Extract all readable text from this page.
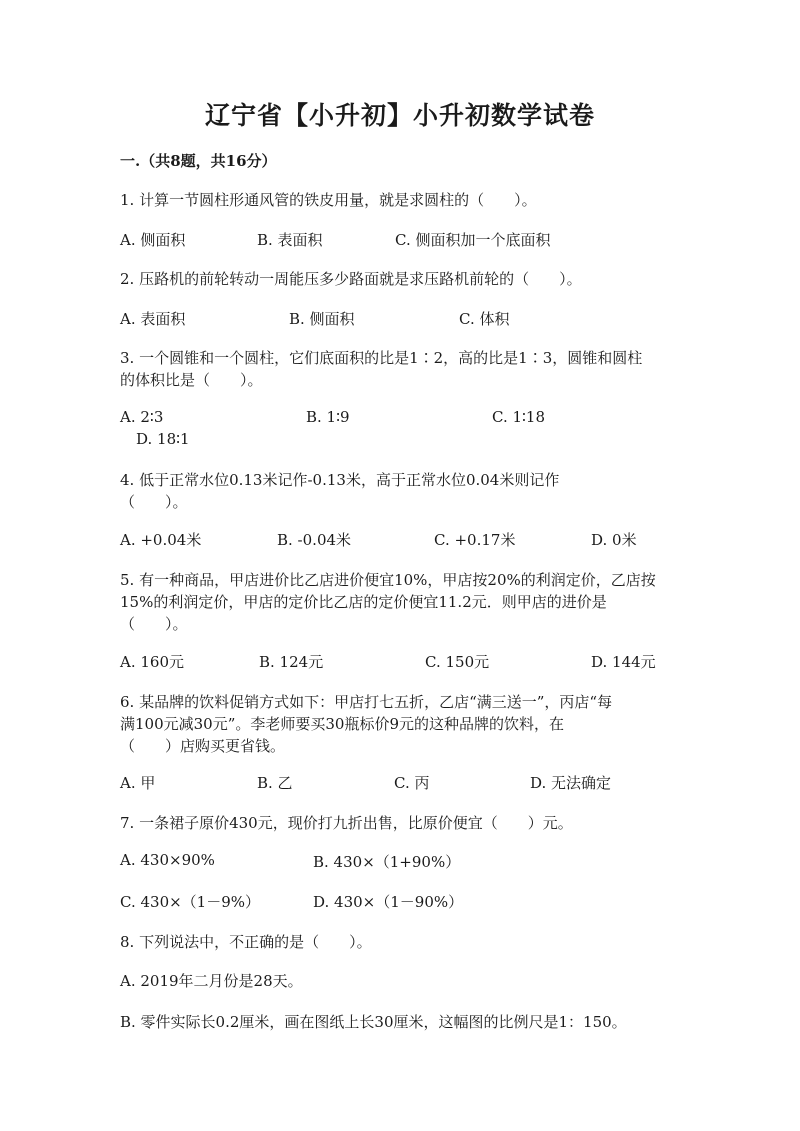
辽宁省【小升初】小升初数学试卷
一.（共8题，共16分）
1. 计算一节圆柱形通风管的铁皮用量，就是求圆柱的（　　）。
A. 侧面积	B. 表面积	C. 侧面积加一个底面积
2. 压路机的前轮转动一周能压多少路面就是求压路机前轮的（　　）。
A. 表面积	B. 侧面积	C. 体积
3. 一个圆锥和一个圆柱，它们底面积的比是1∶2，高的比是1∶3，圆锥和圆柱
的体积比是（　　）。
A. 2∶3	B. 1∶9	C. 1∶18
D. 18∶1
4. 低于正常水位0.13米记作-0.13米，高于正常水位0.04米则记作
（　　）。
A. +0.04米	B. -0.04米	C. +0.17米	D. 0米
5. 有一种商品，甲店进价比乙店进价便宜10%，甲店按20%的利润定价，乙店按
15%的利润定价，甲店的定价比乙店的定价便宜11.2元．则甲店的进价是
（　　）。
A. 160元	B. 124元	C. 150元	D. 144元
6. 某品牌的饮料促销方式如下：甲店打七五折，乙店“满三送一”，丙店“每
满100元减30元”。李老师要买30瓶标价9元的这种品牌的饮料，在
（　　）店购买更省钱。
A. 甲	B. 乙	C. 丙	D. 无法确定
7. 一条裙子原价430元，现价打九折出售，比原价便宜（　　）元。
A. 430×90%	B. 430×（1+90%）
C. 430×（1－9%）	D. 430×（1－90%）
8. 下列说法中，不正确的是（　　）。
A. 2019年二月份是28天。
B. 零件实际长0.2厘米，画在图纸上长30厘米，这幅图的比例尺是1：150。
